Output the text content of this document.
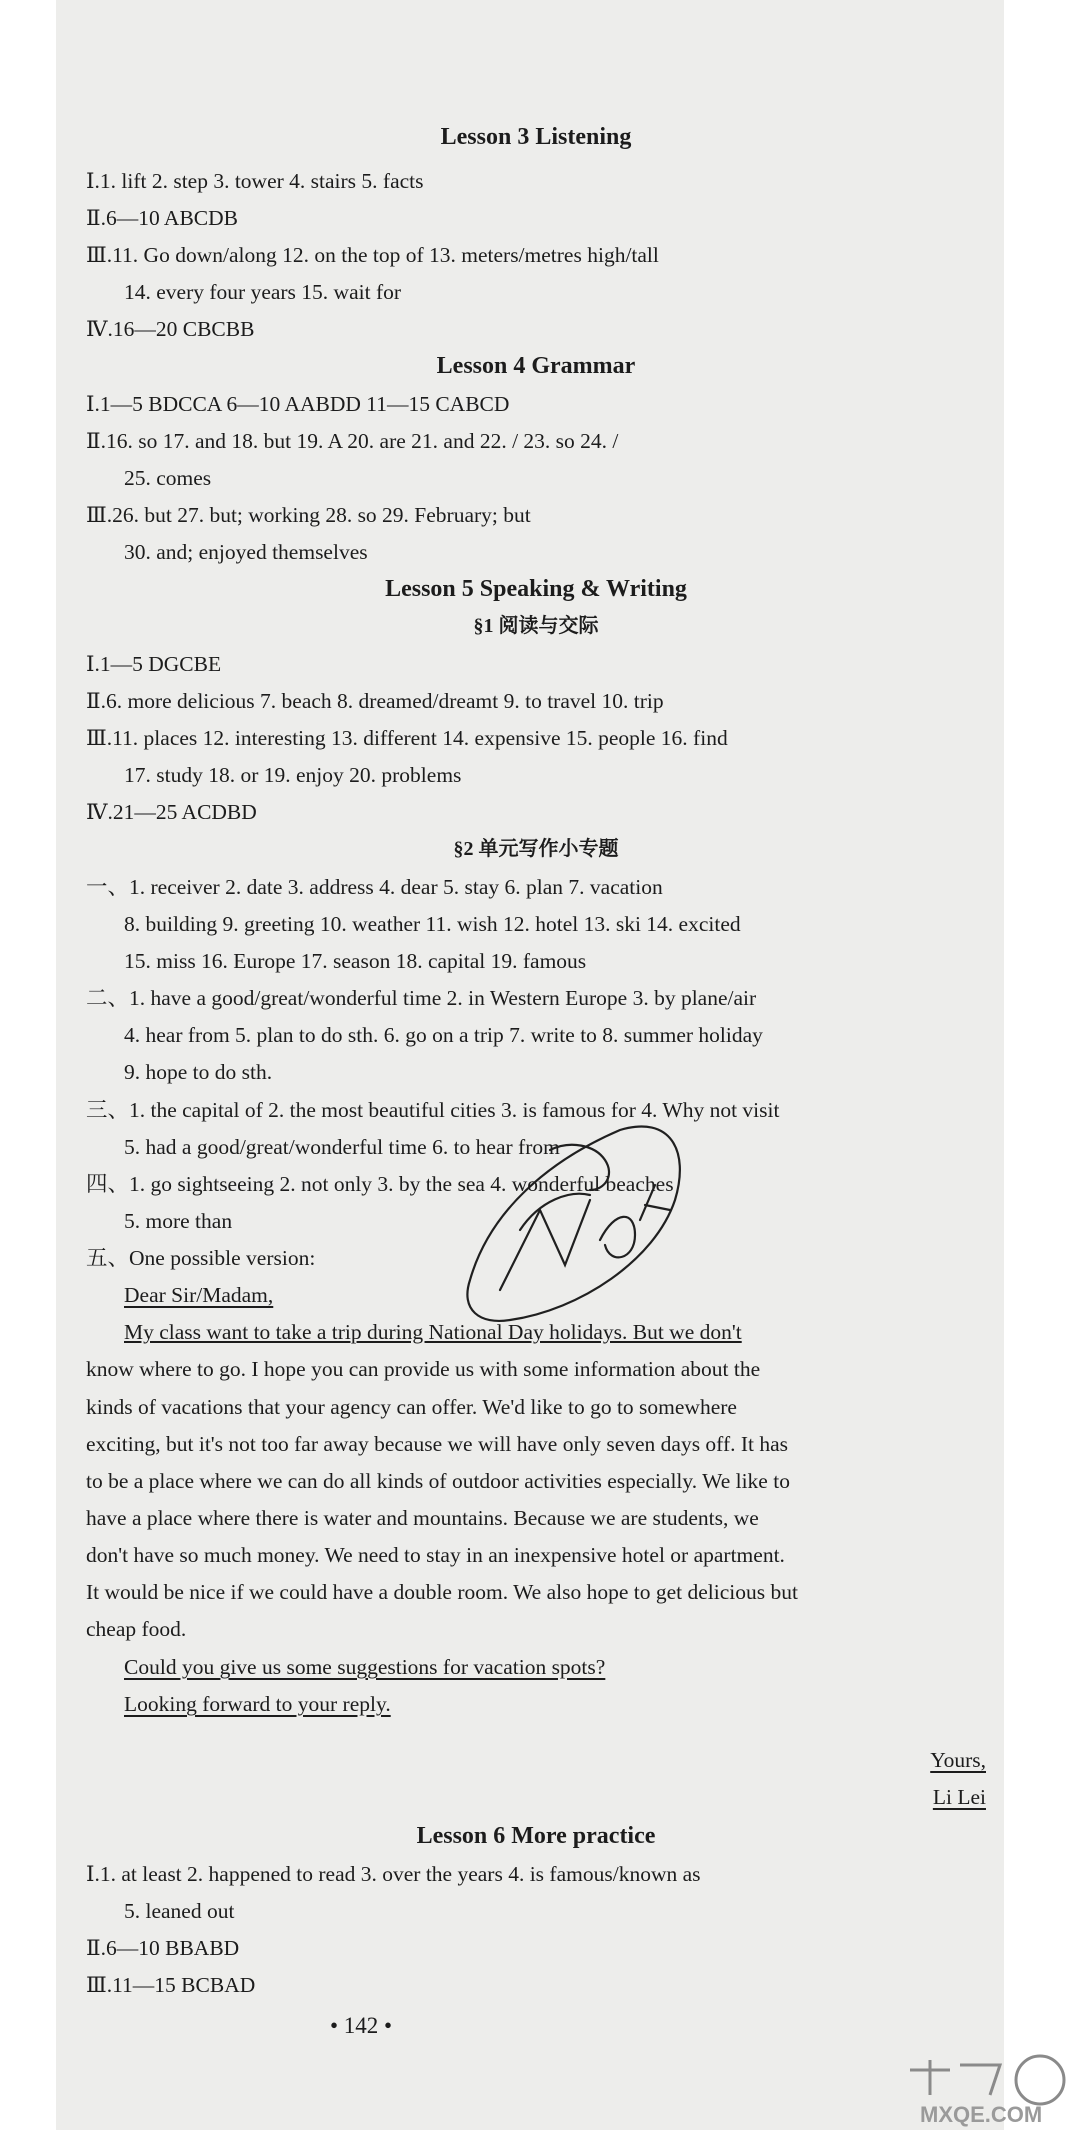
Lesson 3 Listening
Ⅰ.1. lift 2. step 3. tower 4. stairs 5. facts
Ⅱ.6—10 ABCDB
Ⅲ.11. Go down/along 12. on the top of 13. meters/metres high/tall
14. every four years 15. wait for
Ⅳ.16—20 CBCBB
Lesson 4 Grammar
Ⅰ.1—5 BDCCA 6—10 AABDD 11—15 CABCD
Ⅱ.16. so 17. and 18. but 19. A 20. are 21. and 22. / 23. so 24. /
25. comes
Ⅲ.26. but 27. but; working 28. so 29. February; but
30. and; enjoyed themselves
Lesson 5 Speaking & Writing
§1 阅读与交际
Ⅰ.1—5 DGCBE
Ⅱ.6. more delicious 7. beach 8. dreamed/dreamt 9. to travel 10. trip
Ⅲ.11. places 12. interesting 13. different 14. expensive 15. people 16. find
17. study 18. or 19. enjoy 20. problems
Ⅳ.21—25 ACDBD
§2 单元写作小专题
一、1. receiver 2. date 3. address 4. dear 5. stay 6. plan 7. vacation
8. building 9. greeting 10. weather 11. wish 12. hotel 13. ski 14. excited
15. miss 16. Europe 17. season 18. capital 19. famous
二、1. have a good/great/wonderful time 2. in Western Europe 3. by plane/air
4. hear from 5. plan to do sth. 6. go on a trip 7. write to 8. summer holiday
9. hope to do sth.
三、1. the capital of 2. the most beautiful cities 3. is famous for 4. Why not visit
5. had a good/great/wonderful time 6. to hear from
四、1. go sightseeing 2. not only 3. by the sea 4. wonderful beaches
5. more than
五、One possible version:
Dear Sir/Madam,
My class want to take a trip during National Day holidays. But we don't
know where to go. I hope you can provide us with some information about the
kinds of vacations that your agency can offer. We'd like to go to somewhere
exciting, but it's not too far away because we will have only seven days off. It has
to be a place where we can do all kinds of outdoor activities especially. We like to
have a place where there is water and mountains. Because we are students, we
don't have so much money. We need to stay in an inexpensive hotel or apartment.
It would be nice if we could have a double room. We also hope to get delicious but
cheap food.
Could you give us some suggestions for vacation spots?
Looking forward to your reply.
Yours,
Li Lei
Lesson 6 More practice
Ⅰ.1. at least 2. happened to read 3. over the years 4. is famous/known as
5. leaned out
Ⅱ.6—10 BBABD
Ⅲ.11—15 BCBAD
• 142 •
MXQE.COM
